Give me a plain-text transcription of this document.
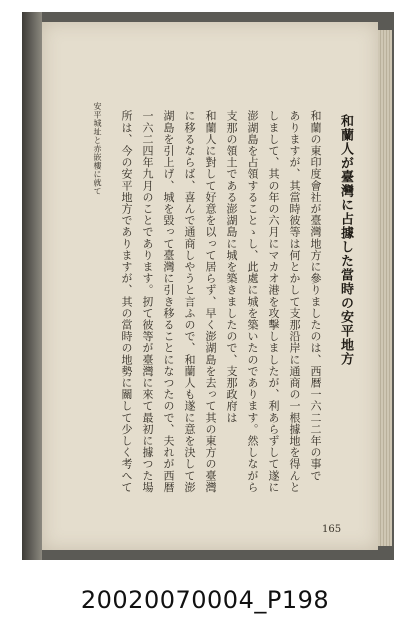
和蘭人が臺灣に占據した當時の安平地方
和蘭の東印度會社が臺灣地方に參りましたのは、西暦一六二二年の事で
ありますが、其當時彼等は何とかして支那沿岸に通商の一根據地を得んと
しまして、其の年の六月にマカオ港を攻擊しましたが、利あらずして遂に
澎湖島を占領することゝし、此處に城を築いたのであります。然しながら
支那の領土である澎湖島に城を築きましたので、支那政府は
和蘭人に對して好意を以って居らず、早く澎湖島を去って其の東方の臺灣
に移るならば、喜んで通商しやうと言ふので、和蘭人も遂に意を決して澎
湖島を引上げ、城を毀って臺灣に引き移ることになつたので、夫れが西暦
一六二四年九月のことであります。扨て彼等が臺灣に來て最初に據つた場
所は、今の安平地方でありますが、其の當時の地勢に關して少しく考へて
安平城址と赤嵌樓に就て
165
20020070004_P198
